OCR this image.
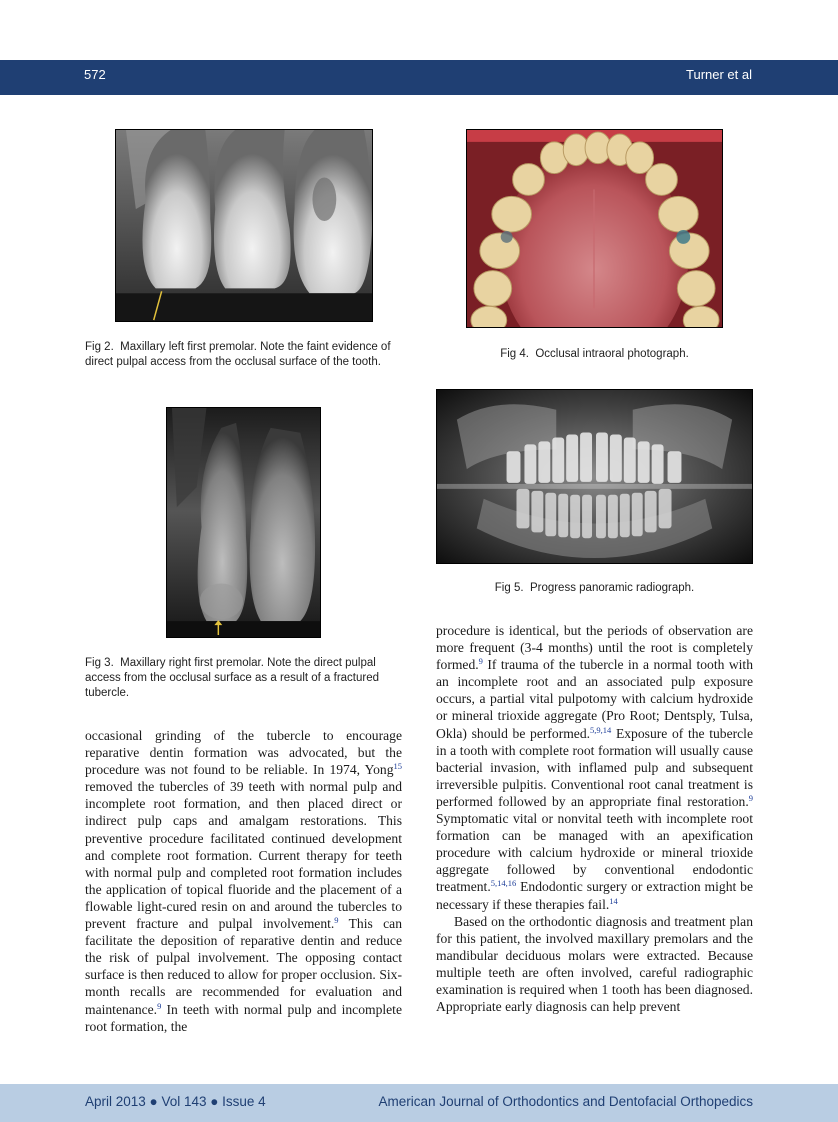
572	Turner et al
Fig 2. Maxillary left first premolar. Note the faint evidence of direct pulpal access from the occlusal surface of the tooth.
Fig 3. Maxillary right first premolar. Note the direct pulpal access from the occlusal surface as a result of a fractured tubercle.
Fig 4. Occlusal intraoral photograph.
Fig 5. Progress panoramic radiograph.

occasional grinding of the tubercle to encourage reparative dentin formation was advocated, but the procedure was not found to be reliable. In 1974, Yong$^{15}$ removed the tubercles of 39 teeth with normal pulp and incomplete root formation, and then placed direct or indirect pulp caps and amalgam restorations. This preventive procedure facilitated continued development and complete root formation. Current therapy for teeth with normal pulp and completed root formation includes the application of topical fluoride and the placement of a flowable light-cured resin on and around the tubercles to prevent fracture and pulpal involvement.$^9$ This can facilitate the deposition of reparative dentin and reduce the risk of pulpal involvement. The opposing contact surface is then reduced to allow for proper occlusion. Six-month recalls are recommended for evaluation and maintenance.$^9$ In teeth with normal pulp and incomplete root formation, the

procedure is identical, but the periods of observation are more frequent (3-4 months) until the root is completely formed.$^9$ If trauma of the tubercle in a normal tooth with an incomplete root and an associated pulp exposure occurs, a partial vital pulpotomy with calcium hydroxide or mineral trioxide aggregate (Pro Root; Dentsply, Tulsa, Okla) should be performed.$^{5,9,14}$ Exposure of the tubercle in a tooth with complete root formation will usually cause bacterial invasion, with inflamed pulp and subsequent irreversible pulpitis. Conventional root canal treatment is performed followed by an appropriate final restoration.$^9$ Symptomatic vital or nonvital teeth with incomplete root formation can be managed with an apexification procedure with calcium hydroxide or mineral trioxide aggregate followed by conventional endodontic treatment.$^{5,14,16}$ Endodontic surgery or extraction might be necessary if these therapies fail.$^{14}$

Based on the orthodontic diagnosis and treatment plan for this patient, the involved maxillary premolars and the mandibular deciduous molars were extracted. Because multiple teeth are often involved, careful radiographic examination is required when 1 tooth has been diagnosed. Appropriate early diagnosis can help prevent

April 2013 ● Vol 143 ● Issue 4	American Journal of Orthodontics and Dentofacial Orthopedics
